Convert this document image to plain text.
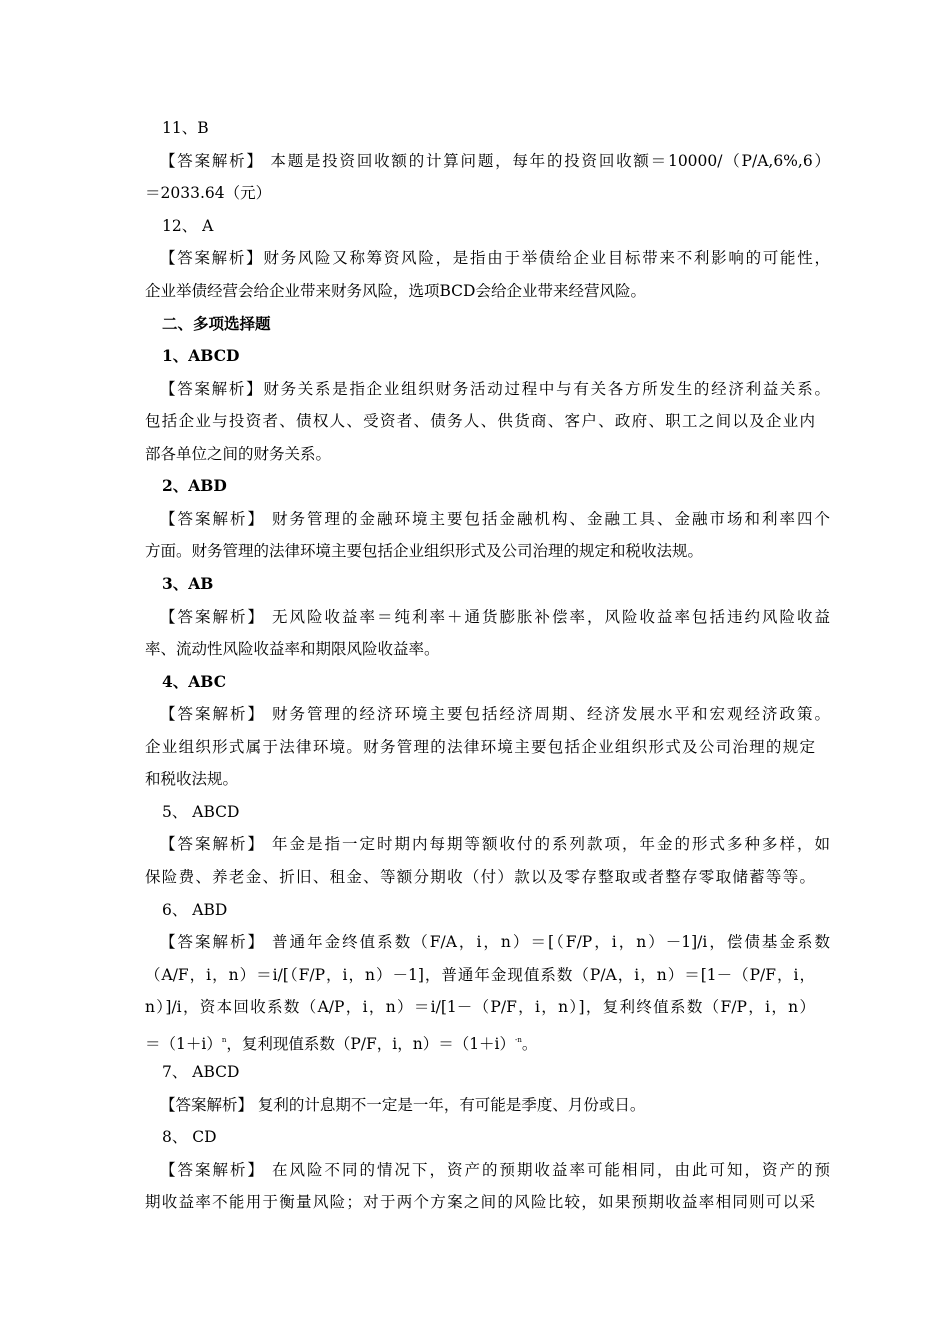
11、B
【答案解析】 本题是投资回收额的计算问题，每年的投资回收额＝10000/（P/A,6%,6）
＝2033.64（元）
12、 A
【答案解析】财务风险又称筹资风险，是指由于举债给企业目标带来不利影响的可能性，
企业举债经营会给企业带来财务风险，选项BCD会给企业带来经营风险。
二、多项选择题
1、ABCD
【答案解析】财务关系是指企业组织财务活动过程中与有关各方所发生的经济利益关系。
包括企业与投资者、债权人、受资者、债务人、供货商、客户、政府、职工之间以及企业内
部各单位之间的财务关系。
2、ABD
【答案解析】 财务管理的金融环境主要包括金融机构、金融工具、金融市场和利率四个
方面。财务管理的法律环境主要包括企业组织形式及公司治理的规定和税收法规。
3、AB
【答案解析】 无风险收益率＝纯利率＋通货膨胀补偿率，风险收益率包括违约风险收益
率、流动性风险收益率和期限风险收益率。
4、ABC
【答案解析】 财务管理的经济环境主要包括经济周期、经济发展水平和宏观经济政策。
企业组织形式属于法律环境。财务管理的法律环境主要包括企业组织形式及公司治理的规定
和税收法规。
5、 ABCD
【答案解析】 年金是指一定时期内每期等额收付的系列款项，年金的形式多种多样，如
保险费、养老金、折旧、租金、等额分期收（付）款以及零存整取或者整存零取储蓄等等。
6、 ABD
【答案解析】 普通年金终值系数（F/A，i，n）＝[（F/P，i，n）－1]/i，偿债基金系数
（A/F，i，n）＝i/[（F/P，i，n）－1]，普通年金现值系数（P/A，i，n）＝[1－（P/F，i，
n）]/i，资本回收系数（A/P，i，n）＝i/[1－（P/F，i，n）]，复利终值系数（F/P，i，n）
$=(1+i)^n$，复利现值系数（P/F，i，$n)=(1+i)^{-n}$。
7、 ABCD
【答案解析】 复利的计息期不一定是一年，有可能是季度、月份或日。
8、 CD
【答案解析】 在风险不同的情况下，资产的预期收益率可能相同，由此可知，资产的预
期收益率不能用于衡量风险；对于两个方案之间的风险比较，如果预期收益率相同则可以采
